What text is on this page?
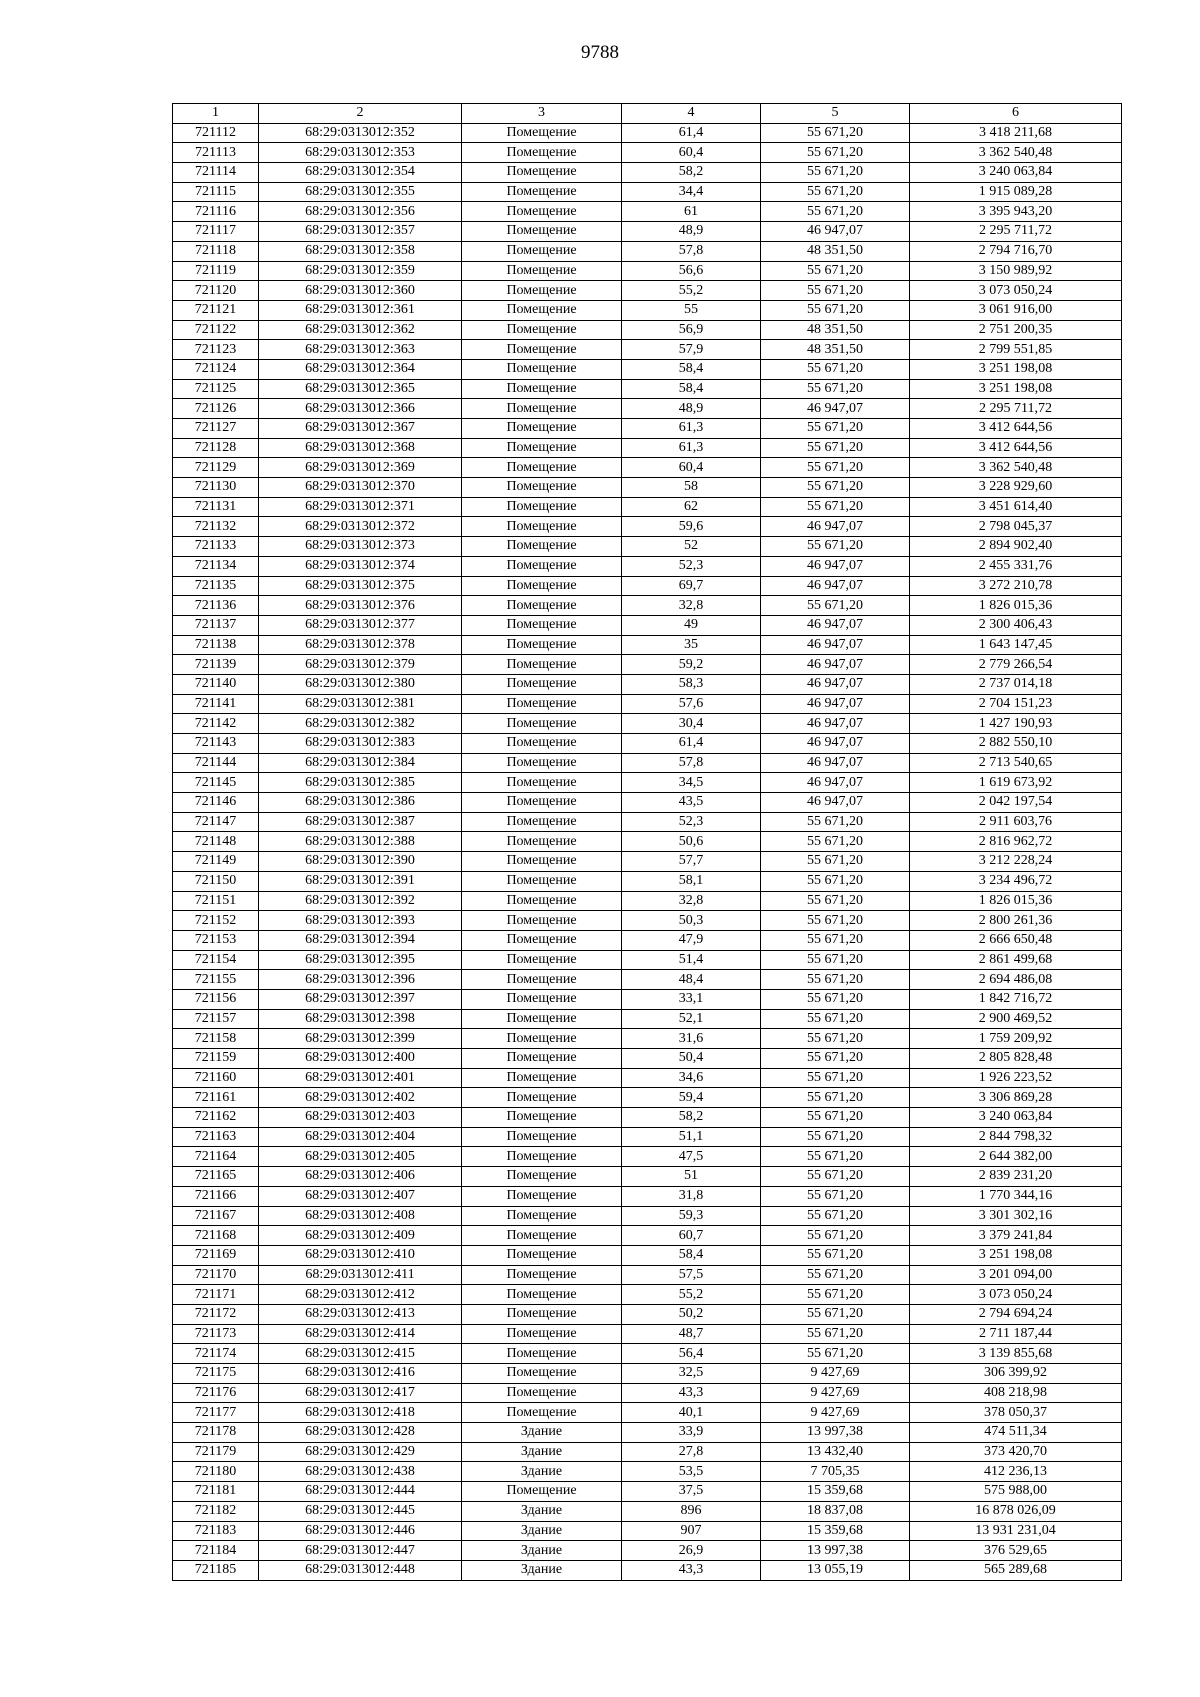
9788
1	2	3	4	5	6
721112	68:29:0313012:352	Помещение	61,4	55 671,20	3 418 211,68
721113	68:29:0313012:353	Помещение	60,4	55 671,20	3 362 540,48
721114	68:29:0313012:354	Помещение	58,2	55 671,20	3 240 063,84
721115	68:29:0313012:355	Помещение	34,4	55 671,20	1 915 089,28
721116	68:29:0313012:356	Помещение	61	55 671,20	3 395 943,20
721117	68:29:0313012:357	Помещение	48,9	46 947,07	2 295 711,72
721118	68:29:0313012:358	Помещение	57,8	48 351,50	2 794 716,70
721119	68:29:0313012:359	Помещение	56,6	55 671,20	3 150 989,92
721120	68:29:0313012:360	Помещение	55,2	55 671,20	3 073 050,24
721121	68:29:0313012:361	Помещение	55	55 671,20	3 061 916,00
721122	68:29:0313012:362	Помещение	56,9	48 351,50	2 751 200,35
721123	68:29:0313012:363	Помещение	57,9	48 351,50	2 799 551,85
721124	68:29:0313012:364	Помещение	58,4	55 671,20	3 251 198,08
721125	68:29:0313012:365	Помещение	58,4	55 671,20	3 251 198,08
721126	68:29:0313012:366	Помещение	48,9	46 947,07	2 295 711,72
721127	68:29:0313012:367	Помещение	61,3	55 671,20	3 412 644,56
721128	68:29:0313012:368	Помещение	61,3	55 671,20	3 412 644,56
721129	68:29:0313012:369	Помещение	60,4	55 671,20	3 362 540,48
721130	68:29:0313012:370	Помещение	58	55 671,20	3 228 929,60
721131	68:29:0313012:371	Помещение	62	55 671,20	3 451 614,40
721132	68:29:0313012:372	Помещение	59,6	46 947,07	2 798 045,37
721133	68:29:0313012:373	Помещение	52	55 671,20	2 894 902,40
721134	68:29:0313012:374	Помещение	52,3	46 947,07	2 455 331,76
721135	68:29:0313012:375	Помещение	69,7	46 947,07	3 272 210,78
721136	68:29:0313012:376	Помещение	32,8	55 671,20	1 826 015,36
721137	68:29:0313012:377	Помещение	49	46 947,07	2 300 406,43
721138	68:29:0313012:378	Помещение	35	46 947,07	1 643 147,45
721139	68:29:0313012:379	Помещение	59,2	46 947,07	2 779 266,54
721140	68:29:0313012:380	Помещение	58,3	46 947,07	2 737 014,18
721141	68:29:0313012:381	Помещение	57,6	46 947,07	2 704 151,23
721142	68:29:0313012:382	Помещение	30,4	46 947,07	1 427 190,93
721143	68:29:0313012:383	Помещение	61,4	46 947,07	2 882 550,10
721144	68:29:0313012:384	Помещение	57,8	46 947,07	2 713 540,65
721145	68:29:0313012:385	Помещение	34,5	46 947,07	1 619 673,92
721146	68:29:0313012:386	Помещение	43,5	46 947,07	2 042 197,54
721147	68:29:0313012:387	Помещение	52,3	55 671,20	2 911 603,76
721148	68:29:0313012:388	Помещение	50,6	55 671,20	2 816 962,72
721149	68:29:0313012:390	Помещение	57,7	55 671,20	3 212 228,24
721150	68:29:0313012:391	Помещение	58,1	55 671,20	3 234 496,72
721151	68:29:0313012:392	Помещение	32,8	55 671,20	1 826 015,36
721152	68:29:0313012:393	Помещение	50,3	55 671,20	2 800 261,36
721153	68:29:0313012:394	Помещение	47,9	55 671,20	2 666 650,48
721154	68:29:0313012:395	Помещение	51,4	55 671,20	2 861 499,68
721155	68:29:0313012:396	Помещение	48,4	55 671,20	2 694 486,08
721156	68:29:0313012:397	Помещение	33,1	55 671,20	1 842 716,72
721157	68:29:0313012:398	Помещение	52,1	55 671,20	2 900 469,52
721158	68:29:0313012:399	Помещение	31,6	55 671,20	1 759 209,92
721159	68:29:0313012:400	Помещение	50,4	55 671,20	2 805 828,48
721160	68:29:0313012:401	Помещение	34,6	55 671,20	1 926 223,52
721161	68:29:0313012:402	Помещение	59,4	55 671,20	3 306 869,28
721162	68:29:0313012:403	Помещение	58,2	55 671,20	3 240 063,84
721163	68:29:0313012:404	Помещение	51,1	55 671,20	2 844 798,32
721164	68:29:0313012:405	Помещение	47,5	55 671,20	2 644 382,00
721165	68:29:0313012:406	Помещение	51	55 671,20	2 839 231,20
721166	68:29:0313012:407	Помещение	31,8	55 671,20	1 770 344,16
721167	68:29:0313012:408	Помещение	59,3	55 671,20	3 301 302,16
721168	68:29:0313012:409	Помещение	60,7	55 671,20	3 379 241,84
721169	68:29:0313012:410	Помещение	58,4	55 671,20	3 251 198,08
721170	68:29:0313012:411	Помещение	57,5	55 671,20	3 201 094,00
721171	68:29:0313012:412	Помещение	55,2	55 671,20	3 073 050,24
721172	68:29:0313012:413	Помещение	50,2	55 671,20	2 794 694,24
721173	68:29:0313012:414	Помещение	48,7	55 671,20	2 711 187,44
721174	68:29:0313012:415	Помещение	56,4	55 671,20	3 139 855,68
721175	68:29:0313012:416	Помещение	32,5	9 427,69	306 399,92
721176	68:29:0313012:417	Помещение	43,3	9 427,69	408 218,98
721177	68:29:0313012:418	Помещение	40,1	9 427,69	378 050,37
721178	68:29:0313012:428	Здание	33,9	13 997,38	474 511,34
721179	68:29:0313012:429	Здание	27,8	13 432,40	373 420,70
721180	68:29:0313012:438	Здание	53,5	7 705,35	412 236,13
721181	68:29:0313012:444	Помещение	37,5	15 359,68	575 988,00
721182	68:29:0313012:445	Здание	896	18 837,08	16 878 026,09
721183	68:29:0313012:446	Здание	907	15 359,68	13 931 231,04
721184	68:29:0313012:447	Здание	26,9	13 997,38	376 529,65
721185	68:29:0313012:448	Здание	43,3	13 055,19	565 289,68
